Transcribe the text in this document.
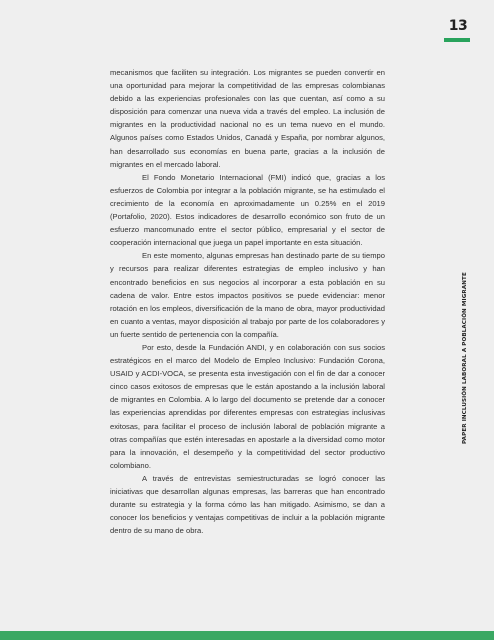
13

mecanismos que faciliten su integración. Los migrantes se pueden convertir en una oportunidad para mejorar la competitividad de las empresas colombianas debido a las experiencias profesionales con las que cuentan, así como a su disposición para comenzar una nueva vida a través del empleo. La inclusión de migrantes en la productividad nacional no es un tema nuevo en el mundo. Algunos países como Estados Unidos, Canadá y España, por nombrar algunos, han desarrollado sus economías en buena parte, gracias a la inclusión de migrantes en el mercado laboral.

El Fondo Monetario Internacional (FMI) indicó que, gracias a los esfuerzos de Colombia por integrar a la población migrante, se ha estimulado el crecimiento de la economía en aproximadamente un 0.25% en el 2019 (Portafolio, 2020). Estos indicadores de desarrollo económico son fruto de un esfuerzo mancomunado entre el sector público, empresarial y el sector de cooperación internacional que juega un papel importante en esta situación.

En este momento, algunas empresas han destinado parte de su tiempo y recursos para realizar diferentes estrategias de empleo inclusivo y han encontrado beneficios en sus negocios al incorporar a esta población en su cadena de valor. Entre estos impactos positivos se puede evidenciar: menor rotación en los empleos, diversificación de la mano de obra, mayor productividad en cuanto a ventas, mayor disposición al trabajo por parte de los colaboradores y un fuerte sentido de pertenencia con la compañía.

Por esto, desde la Fundación ANDI, y en colaboración con sus socios estratégicos en el marco del Modelo de Empleo Inclusivo: Fundación Corona, USAID y ACDI-VOCA, se presenta esta investigación con el fin de dar a conocer cinco casos exitosos de empresas que le están apostando a la inclusión laboral de migrantes en Colombia. A lo largo del documento se pretende dar a conocer las experiencias aprendidas por diferentes empresas con estrategias inclusivas exitosas, para facilitar el proceso de inclusión laboral de población migrante a otras compañías que estén interesadas en apostarle a la diversidad como motor para la innovación, el desempeño y la competitividad del sector productivo colombiano.

A través de entrevistas semiestructuradas se logró conocer las iniciativas que desarrollan algunas empresas, las barreras que han encontrado durante su estrategia y la forma cómo las han mitigado. Asimismo, se dan a conocer los beneficios y ventajas competitivas de incluir a la población migrante dentro de su mano de obra.

PAPER INCLUSIÓN LABORAL A POBLACIÓN MIGRANTE
